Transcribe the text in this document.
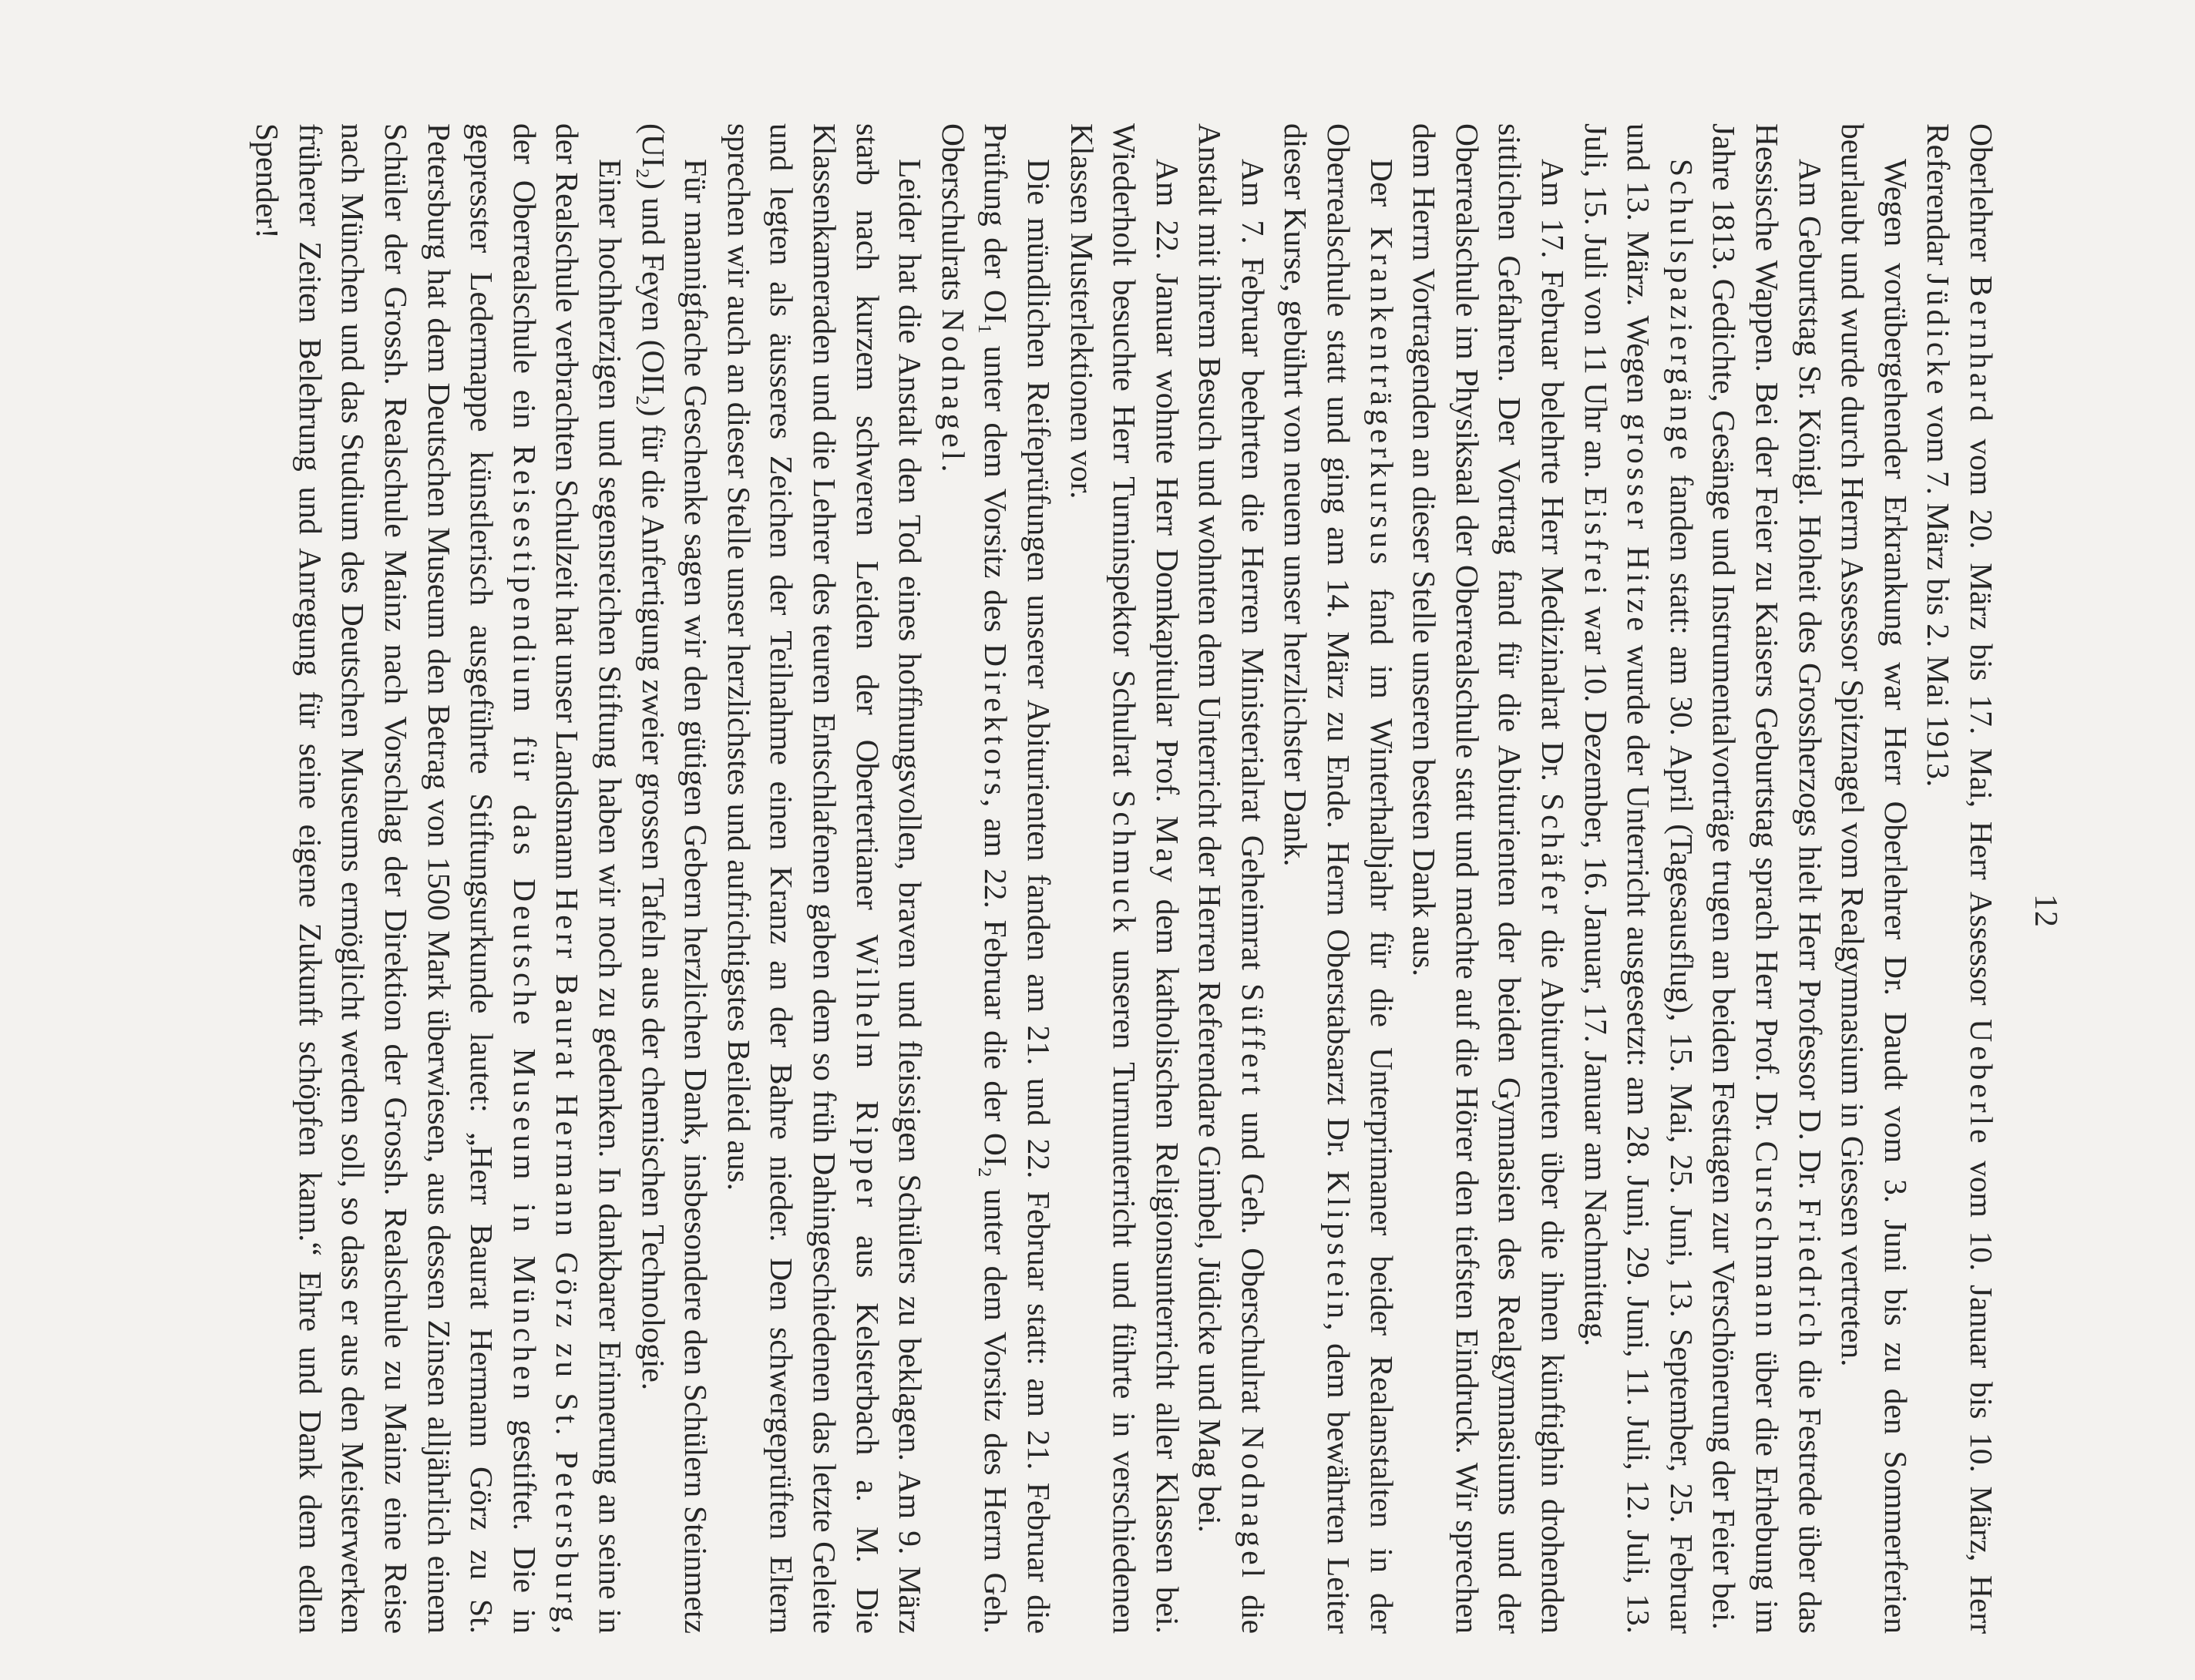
12

Oberlehrer Bernhard vom 20. März bis 17. Mai, Herr Assessor Ueberle vom 10. Januar bis 10. März, Herr Referendar Jüdicke vom 7. März bis 2. Mai 1913.

Wegen vorübergehender Erkrankung war Herr Oberlehrer Dr. Daudt vom 3. Juni bis zu den Sommerferien beurlaubt und wurde durch Herrn Assessor Spitznagel vom Realgymnasium in Giessen vertreten.

Am Geburtstag Sr. Königl. Hoheit des Grossherzogs hielt Herr Professor D. Dr. Friedrich die Festrede über das Hessische Wappen. Bei der Feier zu Kaisers Geburtstag sprach Herr Prof. Dr. Curschmann über die Erhebung im Jahre 1813. Gedichte, Gesänge und Instrumentalvorträge trugen an beiden Festtagen zur Verschönerung der Feier bei.

Schulspaziergänge fanden statt: am 30. April (Tagesausflug), 15. Mai, 25. Juni, 13. September, 25. Februar und 13. März. Wegen grosser Hitze wurde der Unterricht ausgesetzt: am 28. Juni, 29. Juni, 11. Juli, 12. Juli, 13. Juli, 15. Juli von 11 Uhr an. Eisfrei war 10. Dezember, 16. Januar, 17. Januar am Nachmittag.

Am 17. Februar belehrte Herr Medizinalrat Dr. Schäfer die Abiturienten über die ihnen künftighin drohenden sittlichen Gefahren. Der Vortrag fand für die Abiturienten der beiden Gymnasien des Realgymnasiums und der Oberrealschule im Physiksaal der Oberrealschule statt und machte auf die Hörer den tiefsten Eindruck. Wir sprechen dem Herrn Vortragenden an dieser Stelle unseren besten Dank aus.

Der Krankenträgerkursus fand im Winterhalbjahr für die Unterprimaner beider Realanstalten in der Oberrealschule statt und ging am 14. März zu Ende. Herrn Oberstabsarzt Dr. Klipstein, dem bewährten Leiter dieser Kurse, gebührt von neuem unser herzlichster Dank.

Am 7. Februar beehrten die Herren Ministerialrat Geheimrat Süffert und Geh. Oberschulrat Nodnagel die Anstalt mit ihrem Besuch und wohnten dem Unterricht der Herren Referendare Gimbel, Jüdicke und Mag bei.

Am 22. Januar wohnte Herr Domkapitular Prof. May dem katholischen Religionsunterricht aller Klassen bei. Wiederholt besuchte Herr Turninspektor Schulrat Schmuck unseren Turnunterricht und führte in verschiedenen Klassen Musterlektionen vor.

Die mündlichen Reifeprüfungen unserer Abiturienten fanden am 21. und 22. Februar statt: am 21. Februar die Prüfung der OI₁ unter dem Vorsitz des Direktors, am 22. Februar die der OI₂ unter dem Vorsitz des Herrn Geh. Oberschulrats Nodnagel.

Leider hat die Anstalt den Tod eines hoffnungsvollen, braven und fleissigen Schülers zu beklagen. Am 9. März starb nach kurzem schweren Leiden der Obertertianer Wilhelm Ripper aus Kelsterbach a. M. Die Klassenkameraden und die Lehrer des teuren Entschlafenen gaben dem so früh Dahingeschiedenen das letzte Geleite und legten als äusseres Zeichen der Teilnahme einen Kranz an der Bahre nieder. Den schwergeprüften Eltern sprechen wir auch an dieser Stelle unser herzlichstes und aufrichtigstes Beileid aus.

Für mannigfache Geschenke sagen wir den gütigen Gebern herzlichen Dank, insbesondere den Schülern Steinmetz (UI₂) und Feyen (OII₂) für die Anfertigung zweier grossen Tafeln aus der chemischen Technologie.

Einer hochherzigen und segensreichen Stiftung haben wir noch zu gedenken. In dankbarer Erinnerung an seine in der Realschule verbrachten Schulzeit hat unser Landsmann Herr Baurat Hermann Görz zu St. Petersburg, der Oberrealschule ein Reisestipendium für das Deutsche Museum in München gestiftet. Die in gepresster Ledermappe künstlerisch ausgeführte Stiftungsurkunde lautet: „Herr Baurat Hermann Görz zu St. Petersburg hat dem Deutschen Museum den Betrag von 1500 Mark überwiesen, aus dessen Zinsen alljährlich einem Schüler der Grossh. Realschule Mainz nach Vorschlag der Direktion der Grossh. Realschule zu Mainz eine Reise nach München und das Studium des Deutschen Museums ermöglicht werden soll, so dass er aus den Meisterwerken früherer Zeiten Belehrung und Anregung für seine eigene Zukunft schöpfen kann.“ Ehre und Dank dem edlen Spender!
